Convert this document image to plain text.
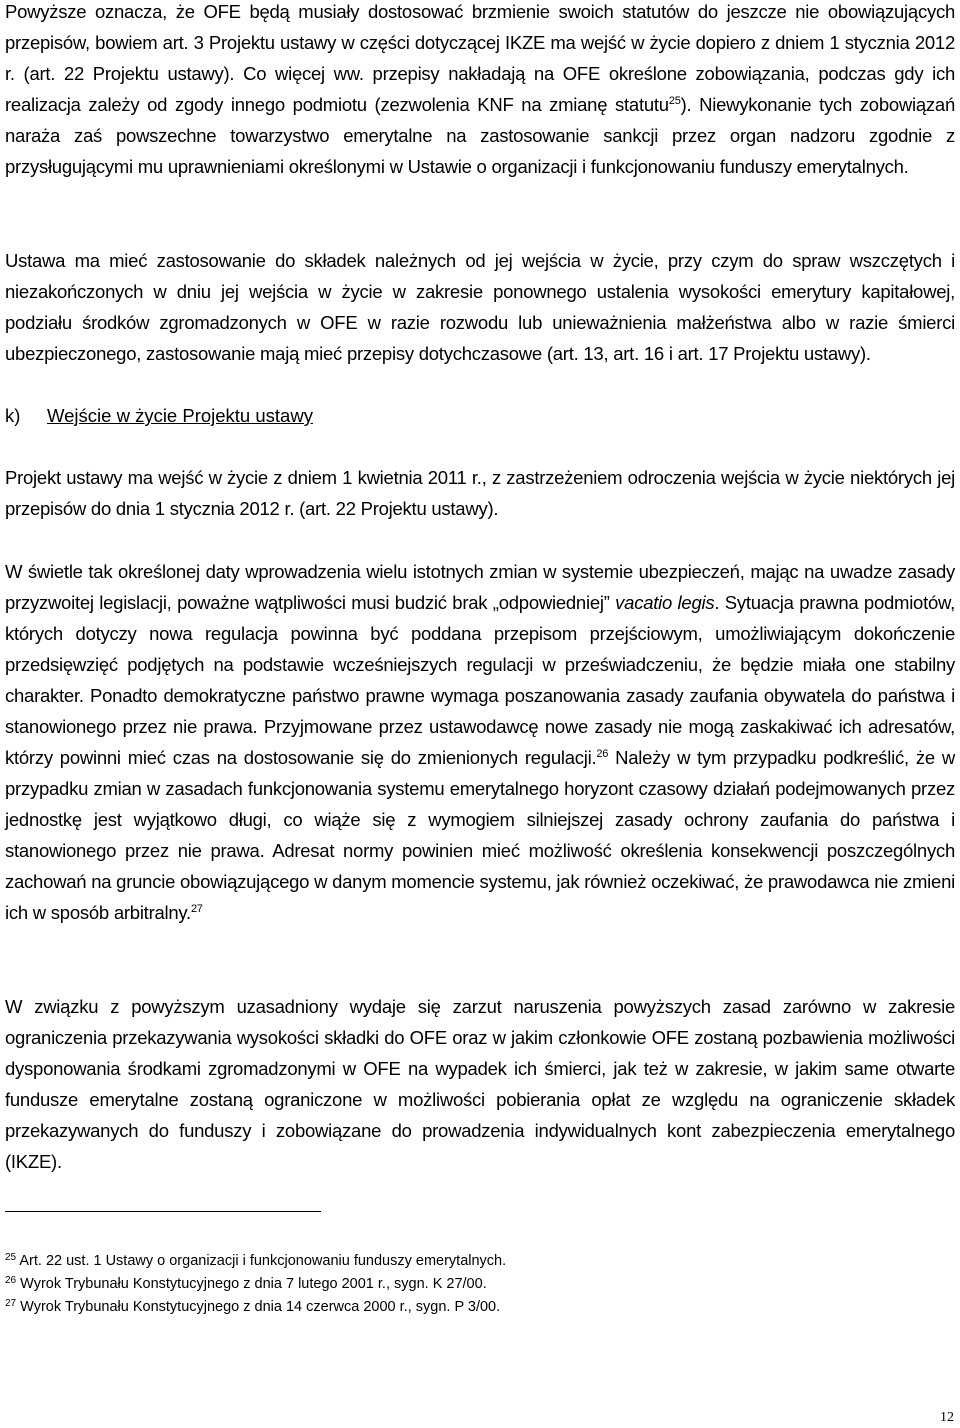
Powyższe oznacza, że OFE będą musiały dostosować brzmienie swoich statutów do jeszcze nie obowiązujących przepisów, bowiem art. 3 Projektu ustawy w części dotyczącej IKZE ma wejść w życie dopiero z dniem 1 stycznia 2012 r. (art. 22 Projektu ustawy). Co więcej ww. przepisy nakładają na OFE określone zobowiązania, podczas gdy ich realizacja zależy od zgody innego podmiotu (zezwolenia KNF na zmianę statutu$^{25}$). Niewykonanie tych zobowiązań naraża zaś powszechne towarzystwo emerytalne na zastosowanie sankcji przez organ nadzoru zgodnie z przysługującymi mu uprawnieniami określonymi w Ustawie o organizacji i funkcjonowaniu funduszy emerytalnych.

Ustawa ma mieć zastosowanie do składek należnych od jej wejścia w życie, przy czym do spraw wszczętych i niezakończonych w dniu jej wejścia w życie w zakresie ponownego ustalenia wysokości emerytury kapitałowej, podziału środków zgromadzonych w OFE w razie rozwodu lub unieważnienia małżeństwa albo w razie śmierci ubezpieczonego, zastosowanie mają mieć przepisy dotychczasowe (art. 13, art. 16 i art. 17 Projektu ustawy).

k) Wejście w życie Projektu ustawy

Projekt ustawy ma wejść w życie z dniem 1 kwietnia 2011 r., z zastrzeżeniem odroczenia wejścia w życie niektórych jej przepisów do dnia 1 stycznia 2012 r. (art. 22 Projektu ustawy).

W świetle tak określonej daty wprowadzenia wielu istotnych zmian w systemie ubezpieczeń, mając na uwadze zasady przyzwoitej legislacji, poważne wątpliwości musi budzić brak „odpowiedniej” vacatio legis. Sytuacja prawna podmiotów, których dotyczy nowa regulacja powinna być poddana przepisom przejściowym, umożliwiającym dokończenie przedsięwzięć podjętych na podstawie wcześniejszych regulacji w przeświadczeniu, że będzie miała one stabilny charakter. Ponadto demokratyczne państwo prawne wymaga poszanowania zasady zaufania obywatela do państwa i stanowionego przez nie prawa. Przyjmowane przez ustawodawcę nowe zasady nie mogą zaskakiwać ich adresatów, którzy powinni mieć czas na dostosowanie się do zmienionych regulacji.$^{26}$ Należy w tym przypadku podkreślić, że w przypadku zmian w zasadach funkcjonowania systemu emerytalnego horyzont czasowy działań podejmowanych przez jednostkę jest wyjątkowo długi, co wiąże się z wymogiem silniejszej zasady ochrony zaufania do państwa i stanowionego przez nie prawa. Adresat normy powinien mieć możliwość określenia konsekwencji poszczególnych zachowań na gruncie obowiązującego w danym momencie systemu, jak również oczekiwać, że prawodawca nie zmieni ich w sposób arbitralny.$^{27}$

W związku z powyższym uzasadniony wydaje się zarzut naruszenia powyższych zasad zarówno w zakresie ograniczenia przekazywania wysokości składki do OFE oraz w jakim członkowie OFE zostaną pozbawienia możliwości dysponowania środkami zgromadzonymi w OFE na wypadek ich śmierci, jak też w zakresie, w jakim same otwarte fundusze emerytalne zostaną ograniczone w możliwości pobierania opłat ze względu na ograniczenie składek przekazywanych do funduszy i zobowiązane do prowadzenia indywidualnych kont zabezpieczenia emerytalnego (IKZE).

$^{25}$ Art. 22 ust. 1 Ustawy o organizacji i funkcjonowaniu funduszy emerytalnych.

$^{26}$ Wyrok Trybunału Konstytucyjnego z dnia 7 lutego 2001 r., sygn. K 27/00.

$^{27}$ Wyrok Trybunału Konstytucyjnego z dnia 14 czerwca 2000 r., sygn. P 3/00.

12
